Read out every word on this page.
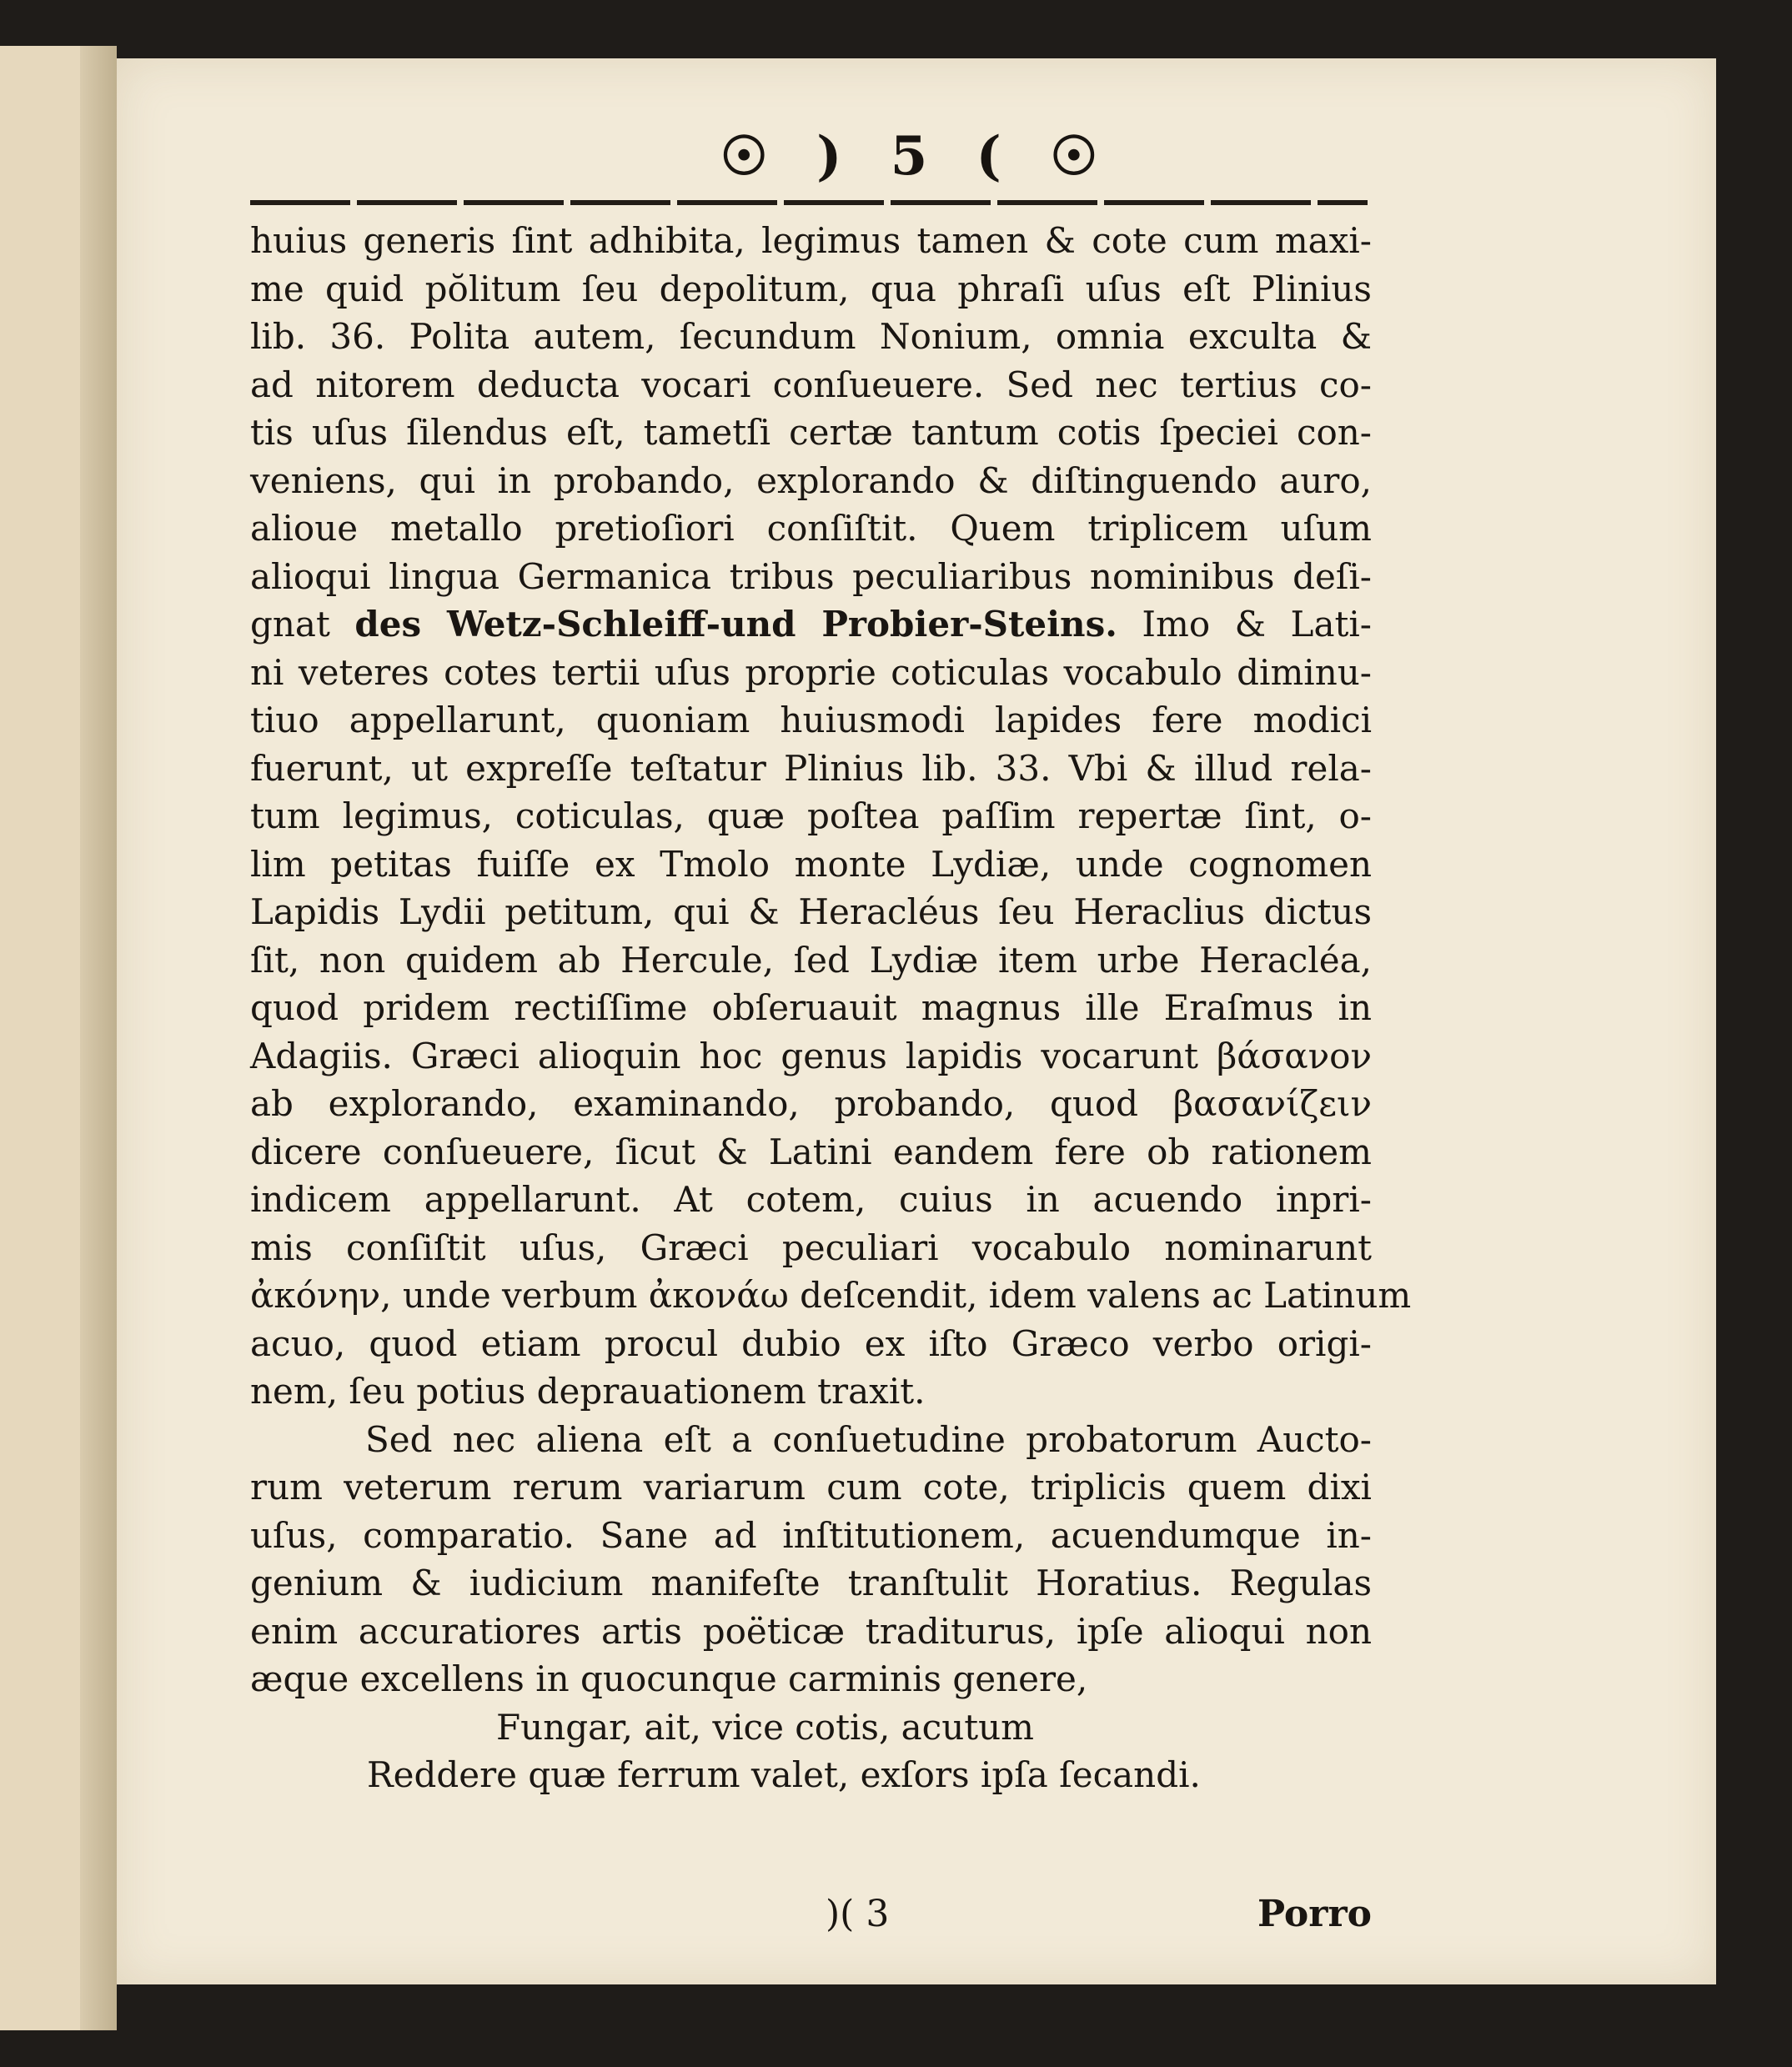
☉ ) 5 ( ☉
huius generis ſint adhibita, legimus tamen & cote cum maxi-
me quid pŏlitum ſeu depolitum, qua phraſi uſus eſt Plinius
lib. 36. Polita autem, ſecundum Nonium, omnia exculta &
ad nitorem deducta vocari conſueuere. Sed nec tertius co-
tis uſus ſilendus eſt, tametſi certæ tantum cotis ſpeciei con-
veniens, qui in probando, explorando & diſtinguendo auro,
alioue metallo pretioſiori conſiſtit. Quem triplicem uſum
alioqui lingua Germanica tribus peculiaribus nominibus deſi-
gnat des Wetz-Schleiff-und Probier-Steins. Imo & Lati-
ni veteres cotes tertii uſus proprie coticulas vocabulo diminu-
tiuo appellarunt, quoniam huiusmodi lapides fere modici
fuerunt, ut expreſſe teſtatur Plinius lib. 33. Vbi & illud rela-
tum legimus, coticulas, quæ poſtea paſſim repertæ ſint, o-
lim petitas fuiſſe ex Tmolo monte Lydiæ, unde cognomen
Lapidis Lydii petitum, qui & Heracléus ſeu Heraclius dictus
ſit, non quidem ab Hercule, ſed Lydiæ item urbe Heracléa,
quod pridem rectiſſime obſeruauit magnus ille Eraſmus in
Adagiis. Græci alioquin hoc genus lapidis vocarunt βάσανον
ab explorando, examinando, probando, quod βασανίζειν
dicere conſueuere, ſicut & Latini eandem fere ob rationem
indicem appellarunt. At cotem, cuius in acuendo inpri-
mis conſiſtit uſus, Græci peculiari vocabulo nominarunt
ἀκόνην, unde verbum ἀκονάω deſcendit, idem valens ac Latinum
acuo, quod etiam procul dubio ex iſto Græco verbo origi-
nem, ſeu potius deprauationem traxit.
Sed nec aliena eſt a conſuetudine probatorum Aucto-
rum veterum rerum variarum cum cote, triplicis quem dixi
uſus, comparatio. Sane ad inſtitutionem, acuendumque in-
genium & iudicium manifeſte tranſtulit Horatius. Regulas
enim accuratiores artis poëticæ traditurus, ipſe alioqui non
æque excellens in quocunque carminis genere,
Fungar, ait, vice cotis, acutum
Reddere quæ ferrum valet, exſors ipſa ſecandi.
)( 3	Porro
